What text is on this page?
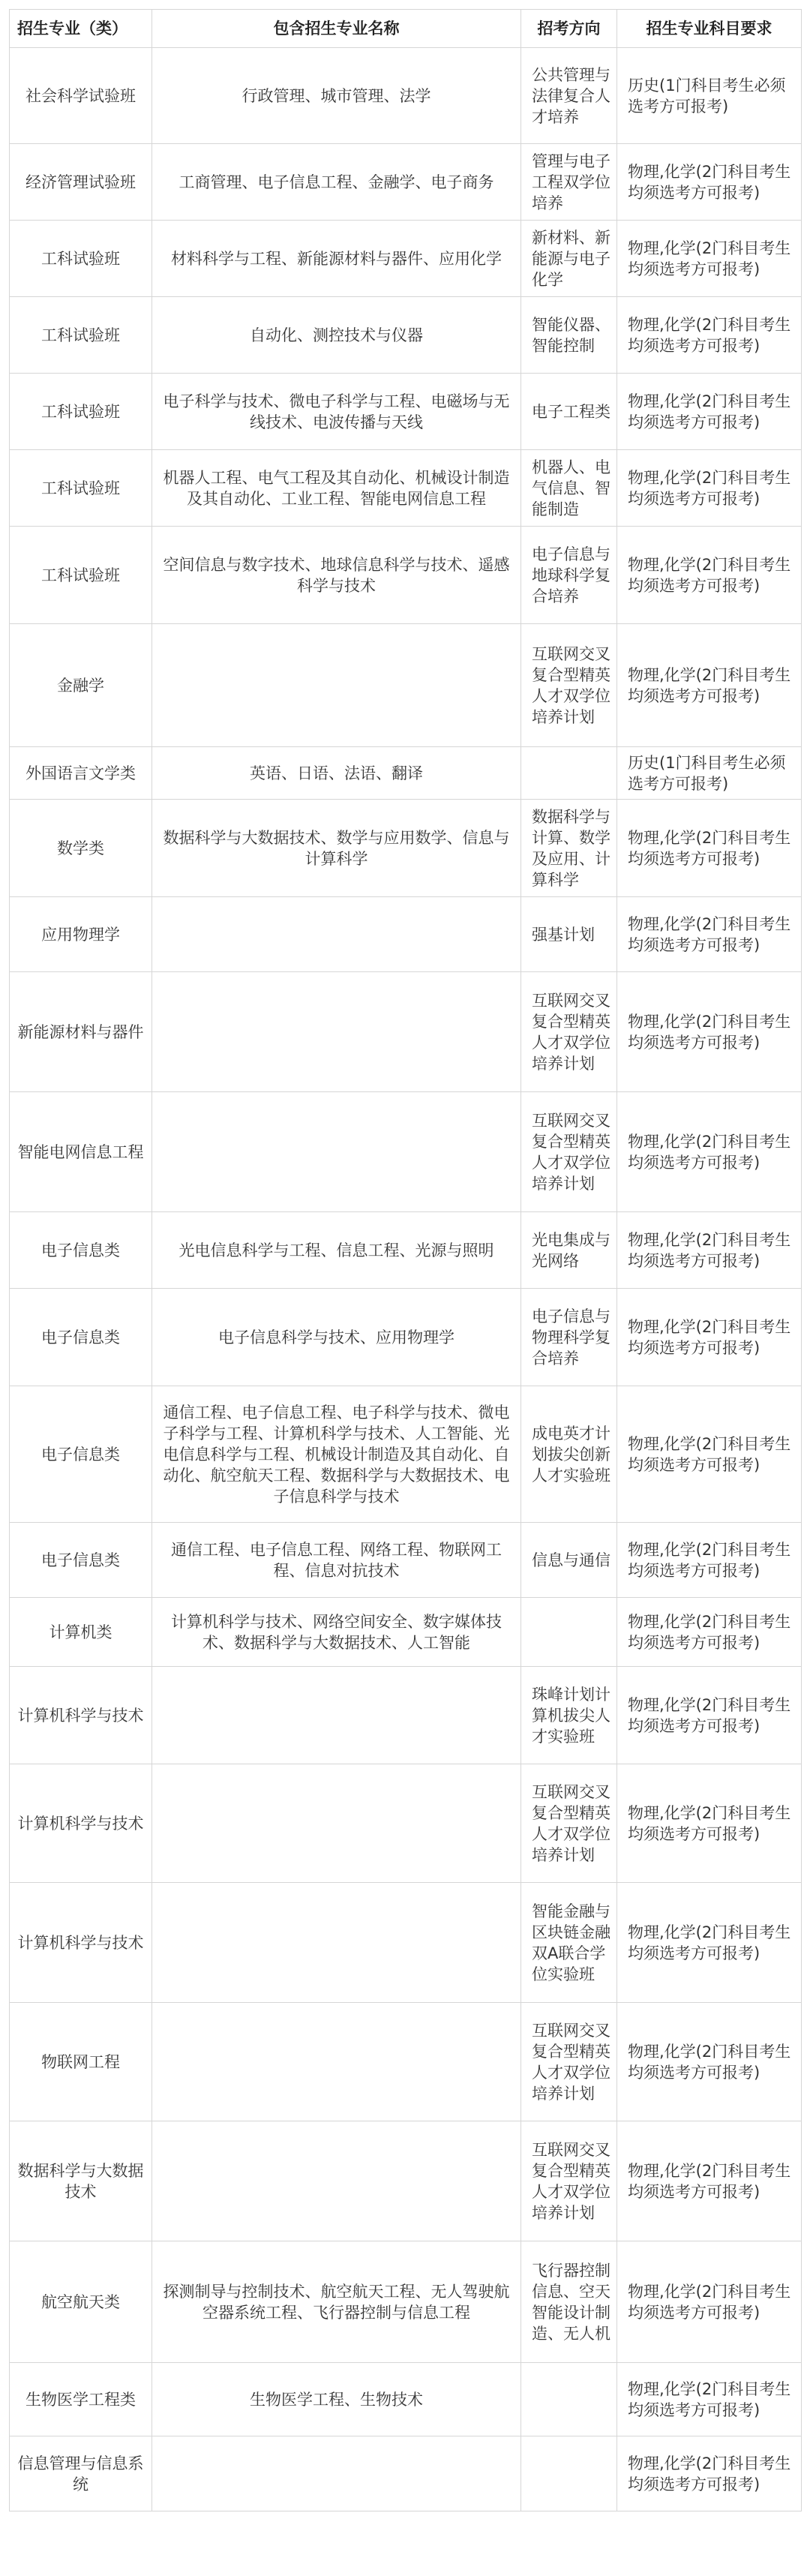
招生专业（类）	包含招生专业名称	招考方向	招生专业科目要求
社会科学试验班	行政管理、城市管理、法学	公共管理与法律复合人才培养	历史(1门科目考生必须选考方可报考)
经济管理试验班	工商管理、电子信息工程、金融学、电子商务	管理与电子工程双学位培养	物理,化学(2门科目考生均须选考方可报考)
工科试验班	材料科学与工程、新能源材料与器件、应用化学	新材料、新能源与电子化学	物理,化学(2门科目考生均须选考方可报考)
工科试验班	自动化、测控技术与仪器	智能仪器、智能控制	物理,化学(2门科目考生均须选考方可报考)
工科试验班	电子科学与技术、微电子科学与工程、电磁场与无线技术、电波传播与天线	电子工程类	物理,化学(2门科目考生均须选考方可报考)
工科试验班	机器人工程、电气工程及其自动化、机械设计制造及其自动化、工业工程、智能电网信息工程	机器人、电气信息、智能制造	物理,化学(2门科目考生均须选考方可报考)
工科试验班	空间信息与数字技术、地球信息科学与技术、遥感科学与技术	电子信息与地球科学复合培养	物理,化学(2门科目考生均须选考方可报考)
金融学		互联网交叉复合型精英人才双学位培养计划	物理,化学(2门科目考生均须选考方可报考)
外国语言文学类	英语、日语、法语、翻译		历史(1门科目考生必须选考方可报考)
数学类	数据科学与大数据技术、数学与应用数学、信息与计算科学	数据科学与计算、数学及应用、计算科学	物理,化学(2门科目考生均须选考方可报考)
应用物理学		强基计划	物理,化学(2门科目考生均须选考方可报考)
新能源材料与器件		互联网交叉复合型精英人才双学位培养计划	物理,化学(2门科目考生均须选考方可报考)
智能电网信息工程		互联网交叉复合型精英人才双学位培养计划	物理,化学(2门科目考生均须选考方可报考)
电子信息类	光电信息科学与工程、信息工程、光源与照明	光电集成与光网络	物理,化学(2门科目考生均须选考方可报考)
电子信息类	电子信息科学与技术、应用物理学	电子信息与物理科学复合培养	物理,化学(2门科目考生均须选考方可报考)
电子信息类	通信工程、电子信息工程、电子科学与技术、微电子科学与工程、计算机科学与技术、人工智能、光电信息科学与工程、机械设计制造及其自动化、自动化、航空航天工程、数据科学与大数据技术、电子信息科学与技术	成电英才计划拔尖创新人才实验班	物理,化学(2门科目考生均须选考方可报考)
电子信息类	通信工程、电子信息工程、网络工程、物联网工程、信息对抗技术	信息与通信	物理,化学(2门科目考生均须选考方可报考)
计算机类	计算机科学与技术、网络空间安全、数字媒体技术、数据科学与大数据技术、人工智能		物理,化学(2门科目考生均须选考方可报考)
计算机科学与技术		珠峰计划计算机拔尖人才实验班	物理,化学(2门科目考生均须选考方可报考)
计算机科学与技术		互联网交叉复合型精英人才双学位培养计划	物理,化学(2门科目考生均须选考方可报考)
计算机科学与技术		智能金融与区块链金融双A联合学位实验班	物理,化学(2门科目考生均须选考方可报考)
物联网工程		互联网交叉复合型精英人才双学位培养计划	物理,化学(2门科目考生均须选考方可报考)
数据科学与大数据技术		互联网交叉复合型精英人才双学位培养计划	物理,化学(2门科目考生均须选考方可报考)
航空航天类	探测制导与控制技术、航空航天工程、无人驾驶航空器系统工程、飞行器控制与信息工程	飞行器控制信息、空天智能设计制造、无人机	物理,化学(2门科目考生均须选考方可报考)
生物医学工程类	生物医学工程、生物技术		物理,化学(2门科目考生均须选考方可报考)
信息管理与信息系统			物理,化学(2门科目考生均须选考方可报考)
